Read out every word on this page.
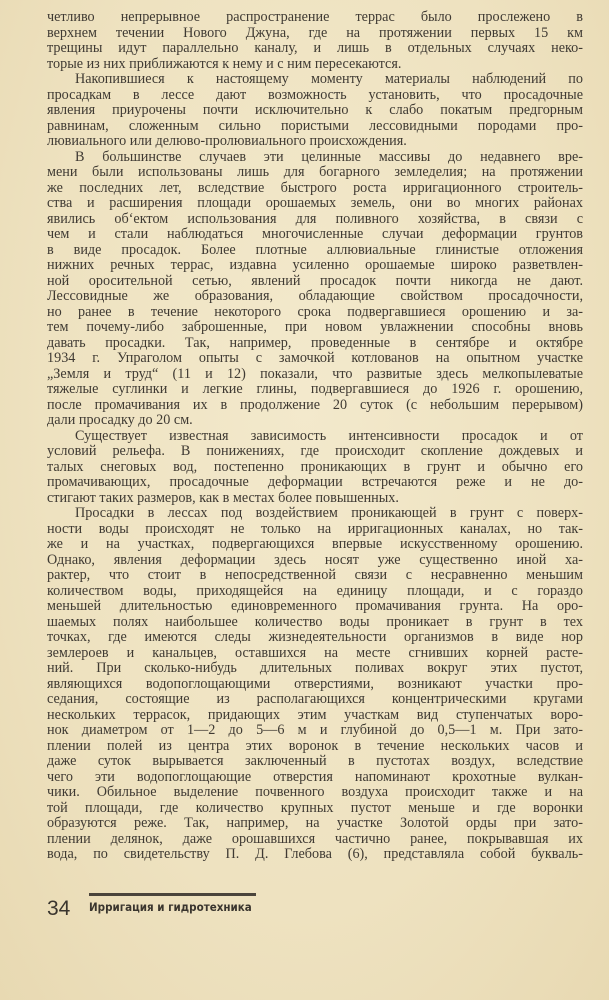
четливо непрерывное распространение террас было прослежено в
верхнем течении Нового Джуна, где на протяжении первых 15 км
трещины идут параллельно каналу, и лишь в отдельных случаях неко-
торые из них приближаются к нему и с ним пересекаются.
Накопившиеся к настоящему моменту материалы наблюдений по
просадкам в лессе дают возможность установить, что просадочные
явления приурочены почти исключительно к слабо покатым предгорным
равнинам, сложенным сильно пористыми лессовидными породами про-
лювиального или делюво-пролювиального происхождения.
В большинстве случаев эти целинные массивы до недавнего вре-
мени были использованы лишь для богарного земледелия; на протяжении
же последних лет, вследствие быстрого роста ирригационного строитель-
ства и расширения площади орошаемых земель, они во многих районах
явились об‘ектом использования для поливного хозяйства, в связи с
чем и стали наблюдаться многочисленные случаи деформации грунтов
в виде просадок. Более плотные аллювиальные глинистые отложения
нижних речных террас, издавна усиленно орошаемые широко разветвлен-
ной оросительной сетью, явлений просадок почти никогда не дают.
Лессовидные же образования, обладающие свойством просадочности,
но ранее в течение некоторого срока подвергавшиеся орошению и за-
тем почему-либо заброшенные, при новом увлажнении способны вновь
давать просадки. Так, например, проведенные в сентябре и октябре
1934 г. Упраголом опыты с замочкой котлованов на опытном участке
„Земля и труд“ (11 и 12) показали, что развитые здесь мелкопылеватые
тяжелые суглинки и легкие глины, подвергавшиеся до 1926 г. орошению,
после промачивания их в продолжение 20 суток (с небольшим перерывом)
дали просадку до 20 см.
Существует известная зависимость интенсивности просадок и от
условий рельефа. В понижениях, где происходит скопление дождевых и
талых снеговых вод, постепенно проникающих в грунт и обычно его
промачивающих, просадочные деформации встречаются реже и не до-
стигают таких размеров, как в местах более повышенных.
Просадки в лессах под воздействием проникающей в грунт с поверх-
ности воды происходят не только на ирригационных каналах, но так-
же и на участках, подвергающихся впервые искусственному орошению.
Однако, явления деформации здесь носят уже существенно иной ха-
рактер, что стоит в непосредственной связи с несравненно меньшим
количеством воды, приходящейся на единицу площади, и с гораздо
меньшей длительностью единовременного промачивания грунта. На оро-
шаемых полях наибольшее количество воды проникает в грунт в тех
точках, где имеются следы жизнедеятельности организмов в виде нор
землероев и канальцев, оставшихся на месте сгнивших корней расте-
ний. При сколько-нибудь длительных поливах вокруг этих пустот,
являющихся водопоглощающими отверстиями, возникают участки про-
седания, состоящие из располагающихся концентрическими кругами
нескольких террасок, придающих этим участкам вид ступенчатых воро-
нок диаметром от 1—2 до 5—6 м и глубиной до 0,5—1 м. При зато-
плении полей из центра этих воронок в течение нескольких часов и
даже суток вырывается заключенный в пустотах воздух, вследствие
чего эти водопоглощающие отверстия напоминают крохотные вулкан-
чики. Обильное выделение почвенного воздуха происходит также и на
той площади, где количество крупных пустот меньше и где воронки
образуются реже. Так, например, на участке Золотой орды при зато-
плении делянок, даже орошавшихся частично ранее, покрывавшая их
вода, по свидетельству П. Д. Глебова (6), представляла собой букваль-
34 Ирригация и гидротехника
